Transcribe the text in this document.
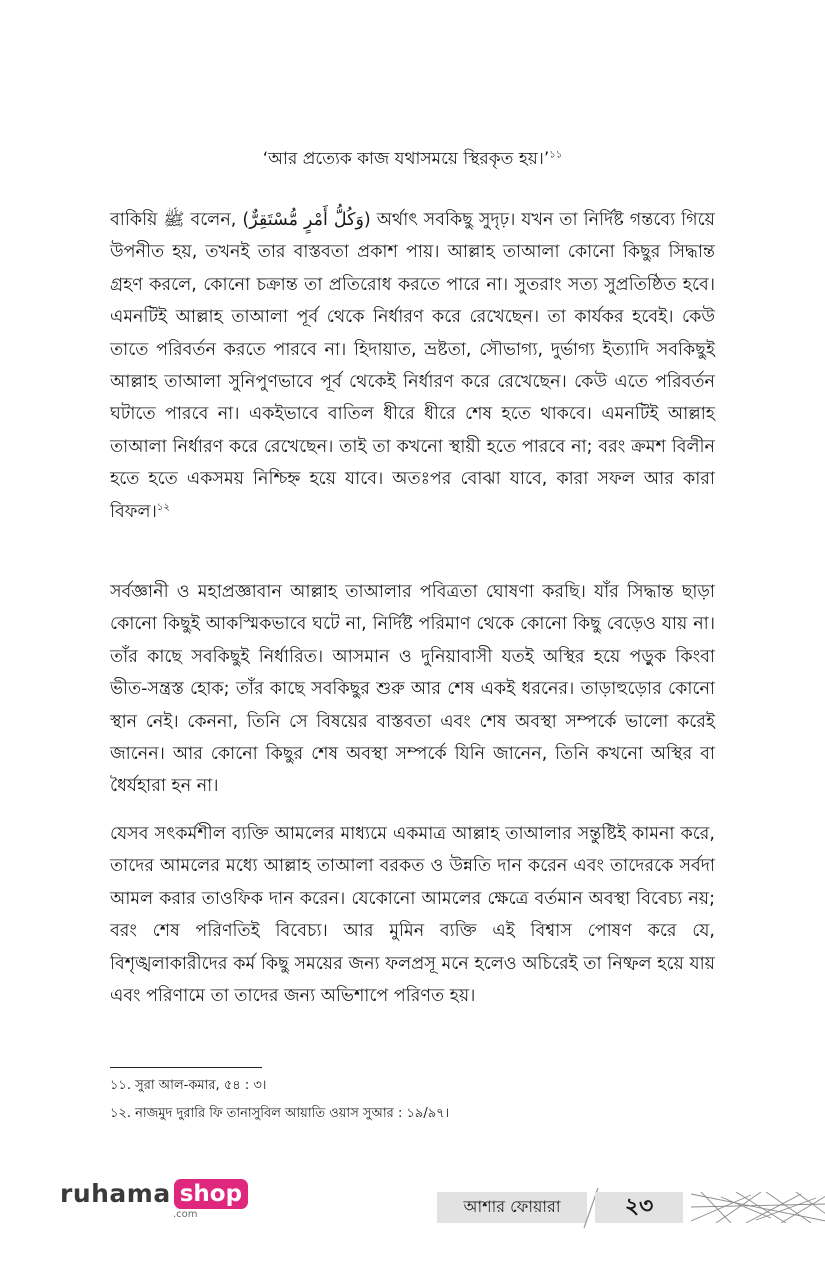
‘আর প্রত্যেক কাজ যথাসময়ে স্থিরকৃত হয়।’$^{১১}$

বাকিয়ি ﷺ বলেন, (وَكُلُّ أَمْرٍ مُّسْتَقِرٌّ) অর্থাৎ সবকিছু সুদৃঢ়। যখন তা নির্দিষ্ট গন্তব্যে গিয়ে উপনীত হয়, তখনই তার বাস্তবতা প্রকাশ পায়। আল্লাহ তাআলা কোনো কিছুর সিদ্ধান্ত গ্রহণ করলে, কোনো চক্রান্ত তা প্রতিরোধ করতে পারে না। সুতরাং সত্য সুপ্রতিষ্ঠিত হবে। এমনটিই আল্লাহ তাআলা পূর্ব থেকে নির্ধারণ করে রেখেছেন। তা কার্যকর হবেই। কেউ তাতে পরিবর্তন করতে পারবে না। হিদায়াত, ভ্রষ্টতা, সৌভাগ্য, দুর্ভাগ্য ইত্যাদি সবকিছুই আল্লাহ তাআলা সুনিপুণভাবে পূর্ব থেকেই নির্ধারণ করে রেখেছেন। কেউ এতে পরিবর্তন ঘটাতে পারবে না। একইভাবে বাতিল ধীরে ধীরে শেষ হতে থাকবে। এমনটিই আল্লাহ তাআলা নির্ধারণ করে রেখেছেন। তাই তা কখনো স্থায়ী হতে পারবে না; বরং ক্রমশ বিলীন হতে হতে একসময় নিশ্চিহ্ন হয়ে যাবে। অতঃপর বোঝা যাবে, কারা সফল আর কারা বিফল।$^{১২}$

সর্বজ্ঞানী ও মহাপ্রজ্ঞাবান আল্লাহ তাআলার পবিত্রতা ঘোষণা করছি। যাঁর সিদ্ধান্ত ছাড়া কোনো কিছুই আকস্মিকভাবে ঘটে না, নির্দিষ্ট পরিমাণ থেকে কোনো কিছু বেড়েও যায় না। তাঁর কাছে সবকিছুই নির্ধারিত। আসমান ও দুনিয়াবাসী যতই অস্থির হয়ে পড়ুক কিংবা ভীত-সন্ত্রস্ত হোক; তাঁর কাছে সবকিছুর শুরু আর শেষ একই ধরনের। তাড়াহুড়োর কোনো স্থান নেই। কেননা, তিনি সে বিষয়ের বাস্তবতা এবং শেষ অবস্থা সম্পর্কে ভালো করেই জানেন। আর কোনো কিছুর শেষ অবস্থা সম্পর্কে যিনি জানেন, তিনি কখনো অস্থির বা ধৈর্যহারা হন না।

যেসব সৎকর্মশীল ব্যক্তি আমলের মাধ্যমে একমাত্র আল্লাহ তাআলার সন্তুষ্টিই কামনা করে, তাদের আমলের মধ্যে আল্লাহ তাআলা বরকত ও উন্নতি দান করেন এবং তাদেরকে সর্বদা আমল করার তাওফিক দান করেন। যেকোনো আমলের ক্ষেত্রে বর্তমান অবস্থা বিবেচ্য নয়; বরং শেষ পরিণতিই বিবেচ্য। আর মুমিন ব্যক্তি এই বিশ্বাস পোষণ করে যে, বিশৃঙ্খলাকারীদের কর্ম কিছু সময়ের জন্য ফলপ্রসূ মনে হলেও অচিরেই তা নিষ্ফল হয়ে যায় এবং পরিণামে তা তাদের জন্য অভিশাপে পরিণত হয়।

১১. সুরা আল-কমার, ৫৪ : ৩।
১২. নাজমুদ দুরারি ফি তানাসুবিল আয়াতি ওয়াস সুআর : ১৯/৯৭।
ruhama shop
.com	আশার ফোয়ারা	২৩
